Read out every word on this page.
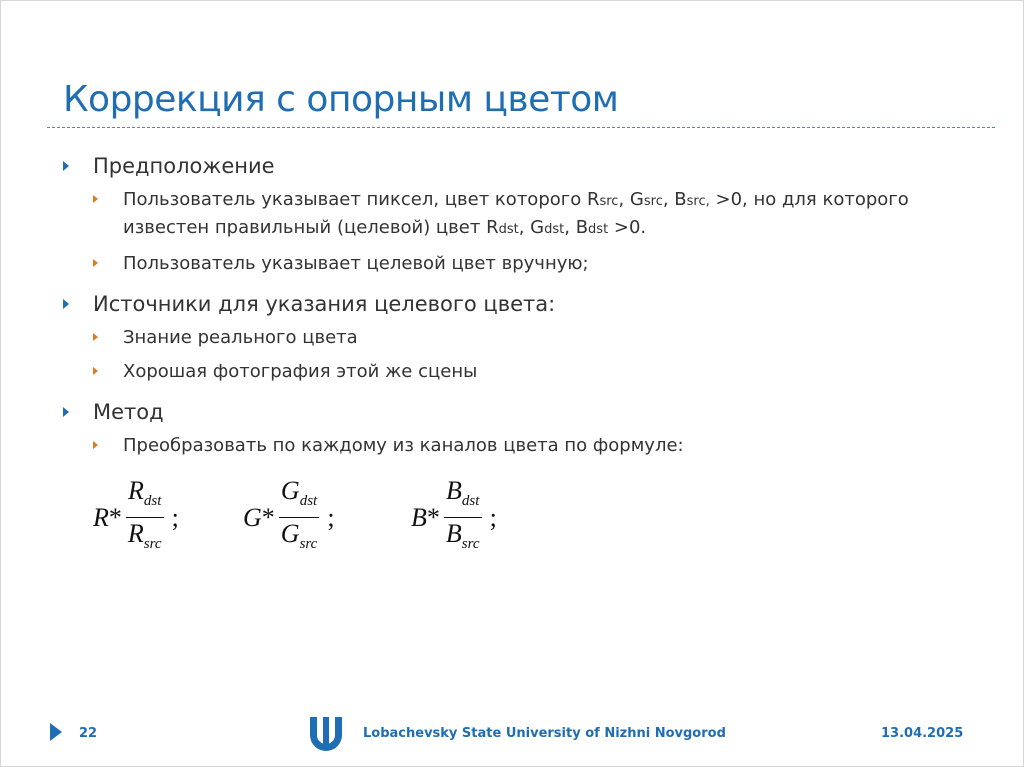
Коррекция с опорным цветом
Предположение
Пользователь указывает пиксел, цвет которого Rsrc, Gsrc, Bsrc, >0, но для которого
известен правильный (целевой) цвет Rdst, Gdst, Bdst >0.
Пользователь указывает целевой цвет вручную;
Источники для указания целевого цвета:
Знание реального цвета
Хорошая фотография этой же сцены
Метод
Преобразовать по каждому из каналов цвета по формуле:
R * $\frac{R_{dst}}{R_{src}}$ ; G * $\frac{G_{dst}}{G_{src}}$ ;	B * $\frac{B_{dst}}{B_{src}}$ ;
22	Lobachevsky State University of Nizhni Novgorod	13.04.2025
